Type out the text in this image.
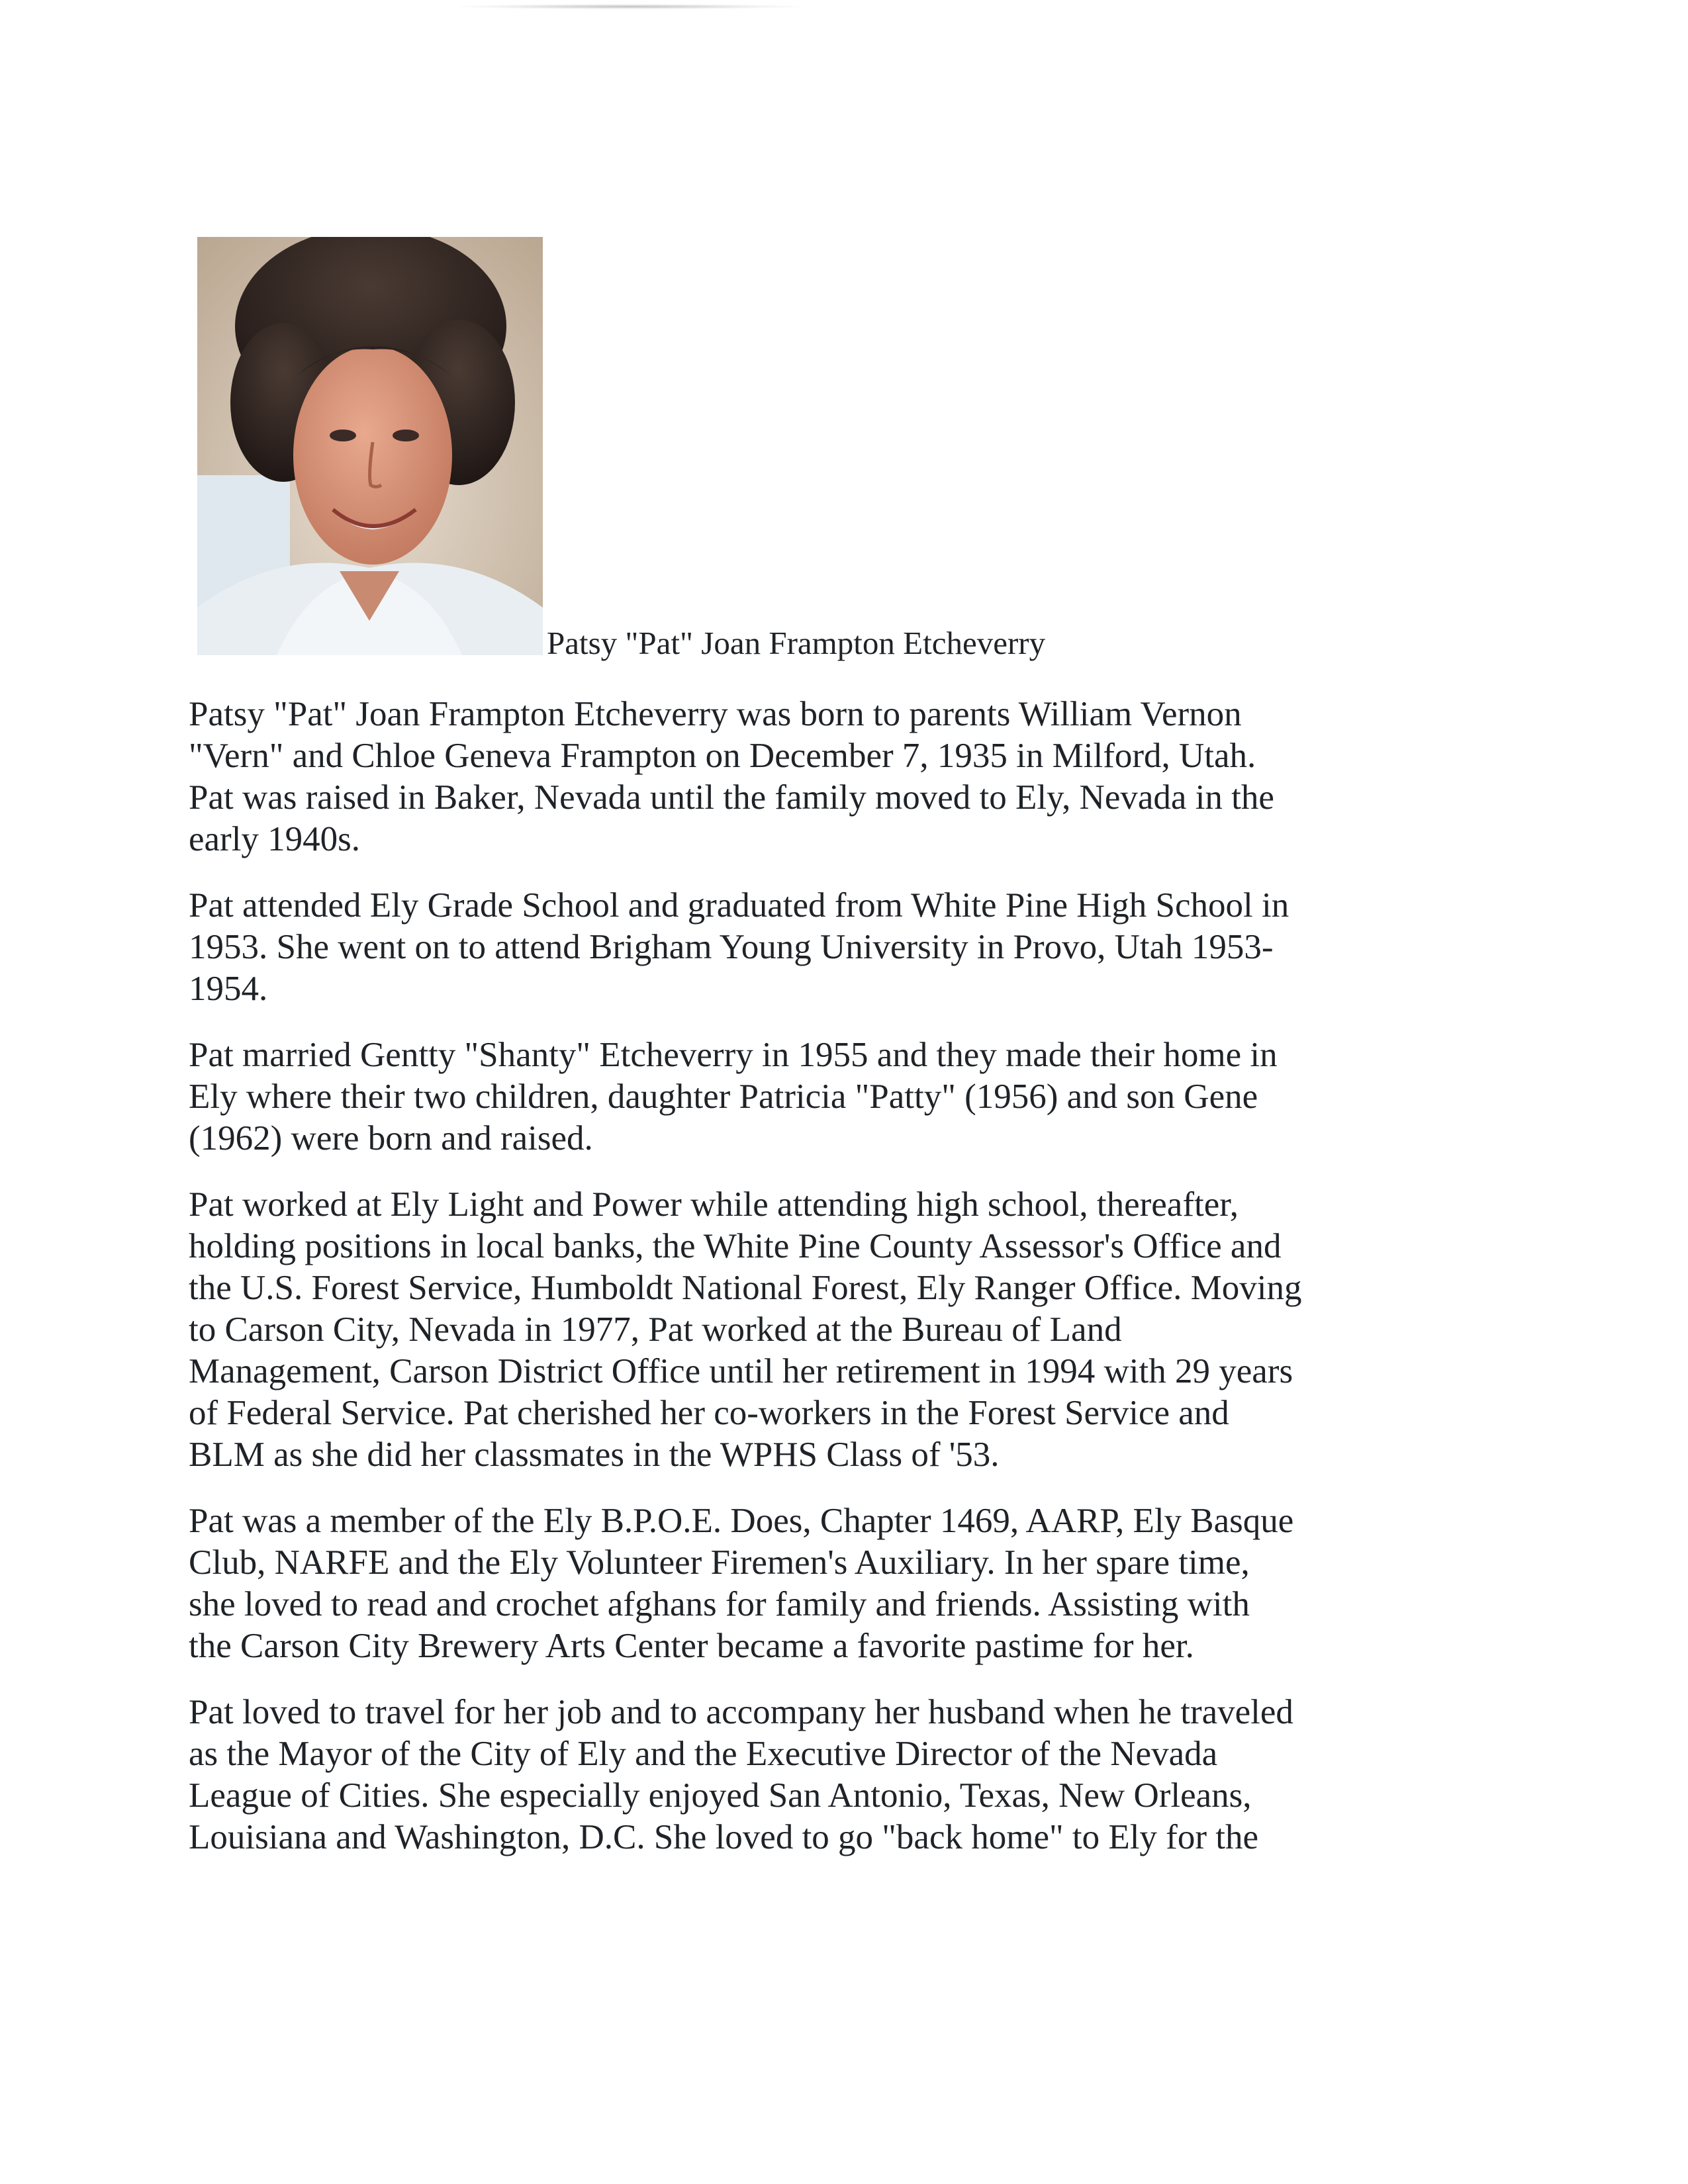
Patsy "Pat" Joan Frampton Etcheverry

Patsy "Pat" Joan Frampton Etcheverry was born to parents William Vernon
"Vern" and Chloe Geneva Frampton on December 7, 1935 in Milford, Utah.
Pat was raised in Baker, Nevada until the family moved to Ely, Nevada in the
early 1940s.

Pat attended Ely Grade School and graduated from White Pine High School in
1953. She went on to attend Brigham Young University in Provo, Utah 1953-
1954.

Pat married Gentty "Shanty" Etcheverry in 1955 and they made their home in
Ely where their two children, daughter Patricia "Patty" (1956) and son Gene
(1962) were born and raised.

Pat worked at Ely Light and Power while attending high school, thereafter,
holding positions in local banks, the White Pine County Assessor's Office and
the U.S. Forest Service, Humboldt National Forest, Ely Ranger Office. Moving
to Carson City, Nevada in 1977, Pat worked at the Bureau of Land
Management, Carson District Office until her retirement in 1994 with 29 years
of Federal Service. Pat cherished her co-workers in the Forest Service and
BLM as she did her classmates in the WPHS Class of '53.

Pat was a member of the Ely B.P.O.E. Does, Chapter 1469, AARP, Ely Basque
Club, NARFE and the Ely Volunteer Firemen's Auxiliary. In her spare time,
she loved to read and crochet afghans for family and friends. Assisting with
the Carson City Brewery Arts Center became a favorite pastime for her.

Pat loved to travel for her job and to accompany her husband when he traveled
as the Mayor of the City of Ely and the Executive Director of the Nevada
League of Cities. She especially enjoyed San Antonio, Texas, New Orleans,
Louisiana and Washington, D.C. She loved to go "back home" to Ely for the
